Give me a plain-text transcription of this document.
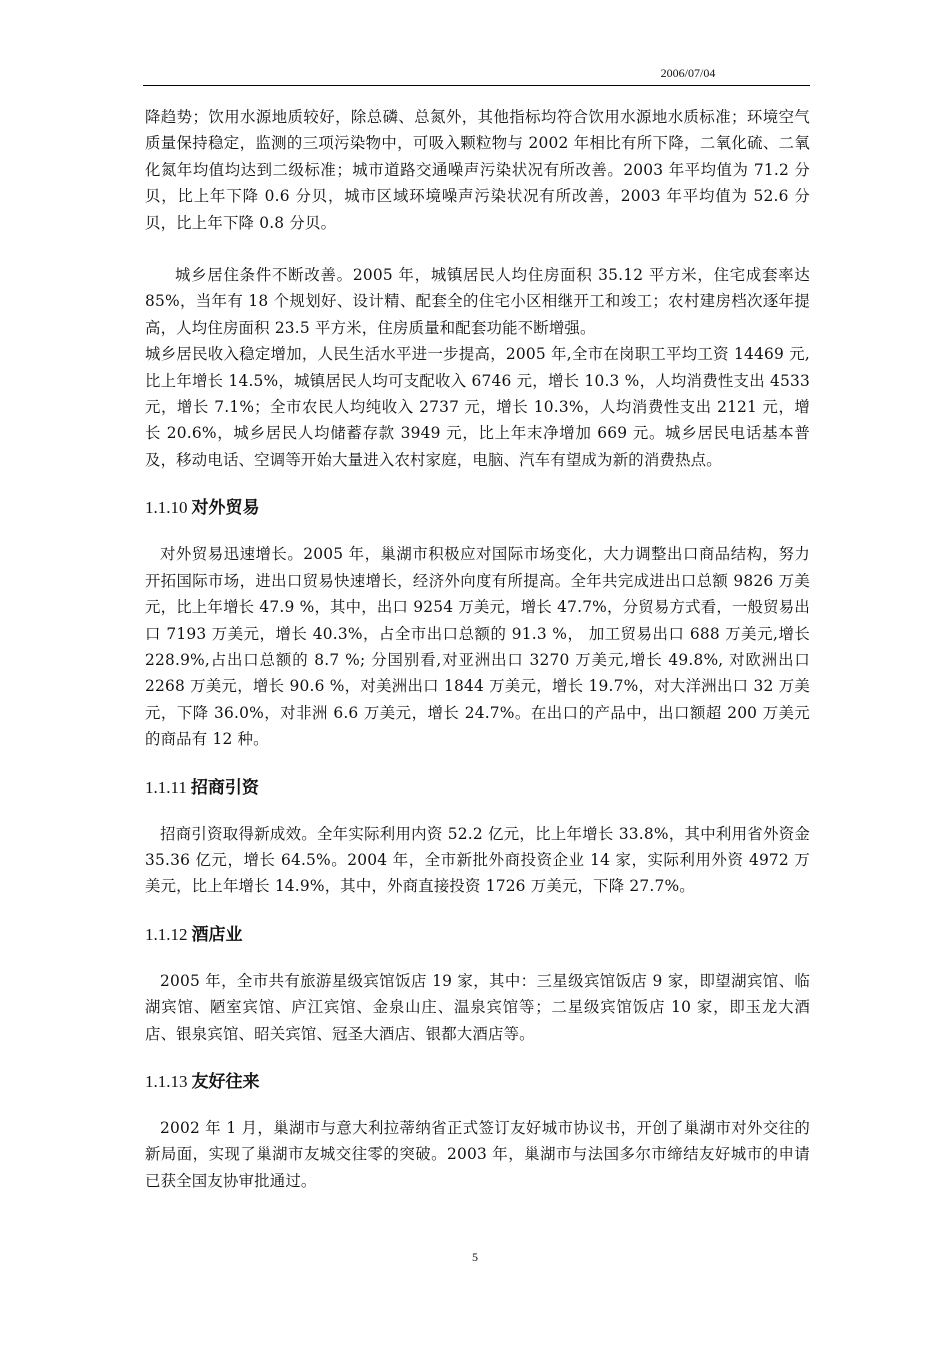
2006/07/04

降趋势；饮用水源地质较好，除总磷、总氮外，其他指标均符合饮用水源地水质标准；环境空气质量保持稳定，监测的三项污染物中，可吸入颗粒物与 2002 年相比有所下降，二氧化硫、二氧化氮年均值均达到二级标准；城市道路交通噪声污染状况有所改善。2003 年平均值为 71.2 分贝，比上年下降 0.6 分贝，城市区域环境噪声污染状况有所改善，2003 年平均值为 52.6 分贝，比上年下降 0.8 分贝。

城乡居住条件不断改善。2005 年，城镇居民人均住房面积 35.12 平方米，住宅成套率达 85%，当年有 18 个规划好、设计精、配套全的住宅小区相继开工和竣工；农村建房档次逐年提高，人均住房面积 23.5 平方米，住房质量和配套功能不断增强。

城乡居民收入稳定增加，人民生活水平进一步提高，2005 年,全市在岗职工平均工资 14469 元,比上年增长 14.5%，城镇居民人均可支配收入 6746 元，增长 10.3 %，人均消费性支出 4533 元，增长 7.1%；全市农民人均纯收入 2737 元，增长 10.3%，人均消费性支出 2121 元，增长 20.6%，城乡居民人均储蓄存款 3949 元，比上年末净增加 669 元。城乡居民电话基本普及，移动电话、空调等开始大量进入农村家庭，电脑、汽车有望成为新的消费热点。

1.1.10 对外贸易

对外贸易迅速增长。2005 年，巢湖市积极应对国际市场变化，大力调整出口商品结构，努力开拓国际市场，进出口贸易快速增长，经济外向度有所提高。全年共完成进出口总额 9826 万美元，比上年增长 47.9 %，其中，出口 9254 万美元，增长 47.7%，分贸易方式看，一般贸易出口 7193 万美元，增长 40.3%，占全市出口总额的 91.3 %， 加工贸易出口 688 万美元,增长 228.9%,占出口总额的 8.7 %; 分国别看,对亚洲出口 3270 万美元,增长 49.8%, 对欧洲出口 2268 万美元，增长 90.6 %，对美洲出口 1844 万美元，增长 19.7%，对大洋洲出口 32 万美元，下降 36.0%，对非洲 6.6 万美元，增长 24.7%。在出口的产品中，出口额超 200 万美元的商品有 12 种。

1.1.11 招商引资

招商引资取得新成效。全年实际利用内资 52.2 亿元，比上年增长 33.8%，其中利用省外资金 35.36 亿元，增长 64.5%。2004 年，全市新批外商投资企业 14 家，实际利用外资 4972 万美元，比上年增长 14.9%，其中，外商直接投资 1726 万美元，下降 27.7%。

1.1.12 酒店业

2005 年，全市共有旅游星级宾馆饭店 19 家，其中：三星级宾馆饭店 9 家，即望湖宾馆、临湖宾馆、陋室宾馆、庐江宾馆、金泉山庄、温泉宾馆等；二星级宾馆饭店 10 家，即玉龙大酒店、银泉宾馆、昭关宾馆、冠圣大酒店、银都大酒店等。

1.1.13 友好往来

2002 年 1 月，巢湖市与意大利拉蒂纳省正式签订友好城市协议书，开创了巢湖市对外交往的新局面，实现了巢湖市友城交往零的突破。2003 年，巢湖市与法国多尔市缔结友好城市的申请已获全国友协审批通过。

5
